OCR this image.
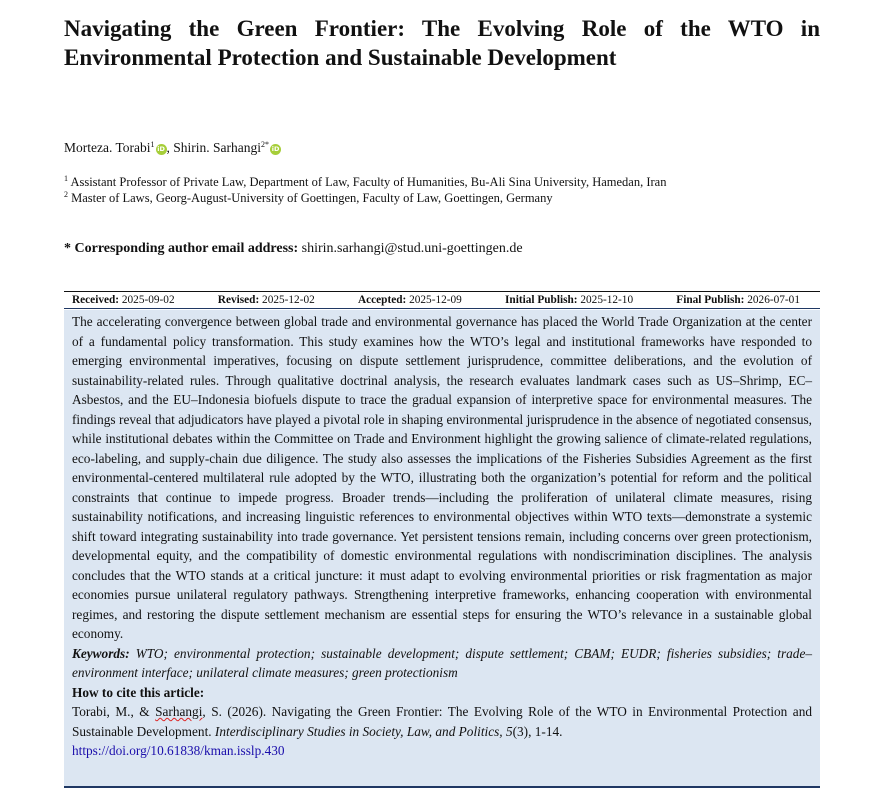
Navigating the Green Frontier: The Evolving Role of the WTO in Environmental Protection and Sustainable Development
Morteza. Torabi$^1$ iD , Shirin. Sarhangi$^{2*}$ iD
$^1$ Assistant Professor of Private Law, Department of Law, Faculty of Humanities, Bu-Ali Sina University, Hamedan, Iran
$^2$ Master of Laws, Georg-August-University of Goettingen, Faculty of Law, Goettingen, Germany
* Corresponding author email address: shirin.sarhangi@stud.uni-goettingen.de
Received: 2025-09-02	Revised: 2025-12-02	Accepted: 2025-12-09	Initial Publish: 2025-12-10	Final Publish: 2026-07-01

The accelerating convergence between global trade and environmental governance has placed the World Trade Organization at the center of a fundamental policy transformation. This study examines how the WTO’s legal and institutional frameworks have responded to emerging environmental imperatives, focusing on dispute settlement jurisprudence, committee deliberations, and the evolution of sustainability-related rules. Through qualitative doctrinal analysis, the research evaluates landmark cases such as US–Shrimp, EC–Asbestos, and the EU–Indonesia biofuels dispute to trace the gradual expansion of interpretive space for environmental measures. The findings reveal that adjudicators have played a pivotal role in shaping environmental jurisprudence in the absence of negotiated consensus, while institutional debates within the Committee on Trade and Environment highlight the growing salience of climate-related regulations, eco-labeling, and supply-chain due diligence. The study also assesses the implications of the Fisheries Subsidies Agreement as the first environmental-centered multilateral rule adopted by the WTO, illustrating both the organization’s potential for reform and the political constraints that continue to impede progress. Broader trends—including the proliferation of unilateral climate measures, rising sustainability notifications, and increasing linguistic references to environmental objectives within WTO texts—demonstrate a systemic shift toward integrating sustainability into trade governance. Yet persistent tensions remain, including concerns over green protectionism, developmental equity, and the compatibility of domestic environmental regulations with nondiscrimination disciplines. The analysis concludes that the WTO stands at a critical juncture: it must adapt to evolving environmental priorities or risk fragmentation as major economies pursue unilateral regulatory pathways. Strengthening interpretive frameworks, enhancing cooperation with environmental regimes, and restoring the dispute settlement mechanism are essential steps for ensuring the WTO’s relevance in a sustainable global economy.

Keywords: WTO; environmental protection; sustainable development; dispute settlement; CBAM; EUDR; fisheries subsidies; trade–environment interface; unilateral climate measures; green protectionism

How to cite this article:

Torabi, M., & Sarhangi, S. (2026). Navigating the Green Frontier: The Evolving Role of the WTO in Environmental Protection and Sustainable Development. Interdisciplinary Studies in Society, Law, and Politics, 5(3), 1-14.
https://doi.org/10.61838/kman.isslp.430
